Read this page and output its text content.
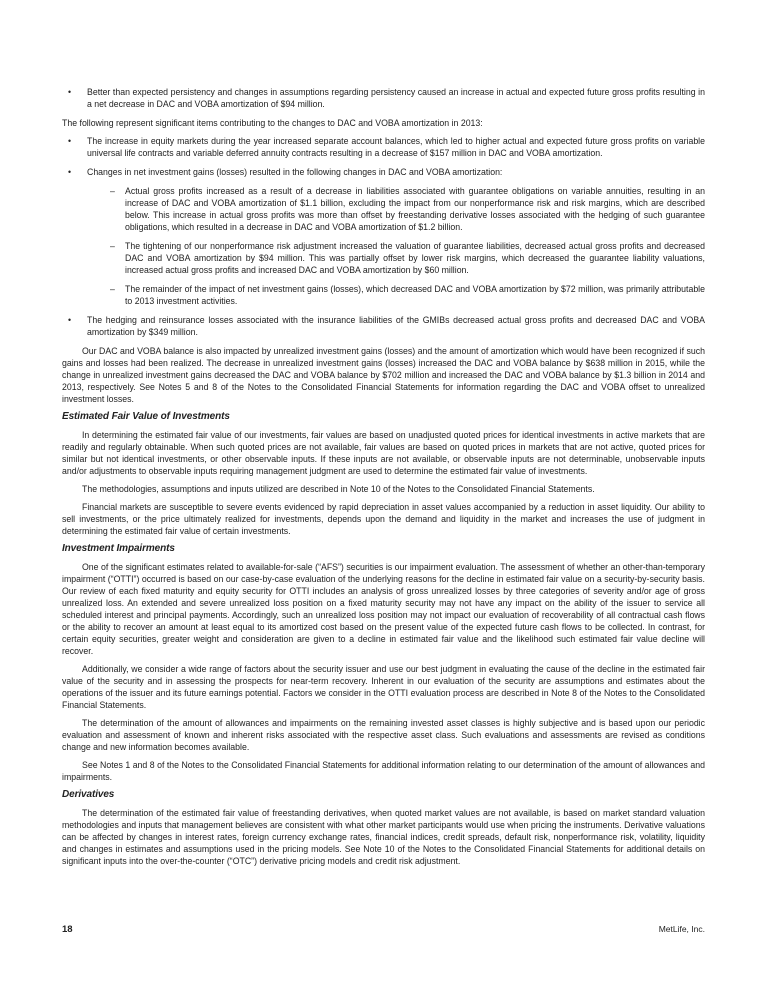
• Better than expected persistency and changes in assumptions regarding persistency caused an increase in actual and expected future gross profits resulting in a net decrease in DAC and VOBA amortization of $94 million.

The following represent significant items contributing to the changes to DAC and VOBA amortization in 2013:

• The increase in equity markets during the year increased separate account balances, which led to higher actual and expected future gross profits on variable universal life contracts and variable deferred annuity contracts resulting in a decrease of $157 million in DAC and VOBA amortization.
• Changes in net investment gains (losses) resulted in the following changes in DAC and VOBA amortization:
– Actual gross profits increased as a result of a decrease in liabilities associated with guarantee obligations on variable annuities, resulting in an increase of DAC and VOBA amortization of $1.1 billion, excluding the impact from our nonperformance risk and risk margins, which are described below. This increase in actual gross profits was more than offset by freestanding derivative losses associated with the hedging of such guarantee obligations, which resulted in a decrease in DAC and VOBA amortization of $1.2 billion.
– The tightening of our nonperformance risk adjustment increased the valuation of guarantee liabilities, decreased actual gross profits and decreased DAC and VOBA amortization by $94 million. This was partially offset by lower risk margins, which decreased the guarantee liability valuations, increased actual gross profits and increased DAC and VOBA amortization by $60 million.
– The remainder of the impact of net investment gains (losses), which decreased DAC and VOBA amortization by $72 million, was primarily attributable to 2013 investment activities.
• The hedging and reinsurance losses associated with the insurance liabilities of the GMIBs decreased actual gross profits and decreased DAC and VOBA amortization by $349 million.

Our DAC and VOBA balance is also impacted by unrealized investment gains (losses) and the amount of amortization which would have been recognized if such gains and losses had been realized. The decrease in unrealized investment gains (losses) increased the DAC and VOBA balance by $638 million in 2015, while the change in unrealized investment gains decreased the DAC and VOBA balance by $702 million and increased the DAC and VOBA balance by $1.3 billion in 2014 and 2013, respectively. See Notes 5 and 8 of the Notes to the Consolidated Financial Statements for information regarding the DAC and VOBA offset to unrealized investment losses.

Estimated Fair Value of Investments

In determining the estimated fair value of our investments, fair values are based on unadjusted quoted prices for identical investments in active markets that are readily and regularly obtainable. When such quoted prices are not available, fair values are based on quoted prices in markets that are not active, quoted prices for similar but not identical investments, or other observable inputs. If these inputs are not available, or observable inputs are not determinable, unobservable inputs and/or adjustments to observable inputs requiring management judgment are used to determine the estimated fair value of investments.

The methodologies, assumptions and inputs utilized are described in Note 10 of the Notes to the Consolidated Financial Statements.

Financial markets are susceptible to severe events evidenced by rapid depreciation in asset values accompanied by a reduction in asset liquidity. Our ability to sell investments, or the price ultimately realized for investments, depends upon the demand and liquidity in the market and increases the use of judgment in determining the estimated fair value of certain investments.

Investment Impairments

One of the significant estimates related to available-for-sale (“AFS”) securities is our impairment evaluation. The assessment of whether an other-than-temporary impairment (“OTTI”) occurred is based on our case-by-case evaluation of the underlying reasons for the decline in estimated fair value on a security-by-security basis. Our review of each fixed maturity and equity security for OTTI includes an analysis of gross unrealized losses by three categories of severity and/or age of gross unrealized loss. An extended and severe unrealized loss position on a fixed maturity security may not have any impact on the ability of the issuer to service all scheduled interest and principal payments. Accordingly, such an unrealized loss position may not impact our evaluation of recoverability of all contractual cash flows or the ability to recover an amount at least equal to its amortized cost based on the present value of the expected future cash flows to be collected. In contrast, for certain equity securities, greater weight and consideration are given to a decline in estimated fair value and the likelihood such estimated fair value decline will recover.

Additionally, we consider a wide range of factors about the security issuer and use our best judgment in evaluating the cause of the decline in the estimated fair value of the security and in assessing the prospects for near-term recovery. Inherent in our evaluation of the security are assumptions and estimates about the operations of the issuer and its future earnings potential. Factors we consider in the OTTI evaluation process are described in Note 8 of the Notes to the Consolidated Financial Statements.

The determination of the amount of allowances and impairments on the remaining invested asset classes is highly subjective and is based upon our periodic evaluation and assessment of known and inherent risks associated with the respective asset class. Such evaluations and assessments are revised as conditions change and new information becomes available.

See Notes 1 and 8 of the Notes to the Consolidated Financial Statements for additional information relating to our determination of the amount of allowances and impairments.

Derivatives

The determination of the estimated fair value of freestanding derivatives, when quoted market values are not available, is based on market standard valuation methodologies and inputs that management believes are consistent with what other market participants would use when pricing the instruments. Derivative valuations can be affected by changes in interest rates, foreign currency exchange rates, financial indices, credit spreads, default risk, nonperformance risk, volatility, liquidity and changes in estimates and assumptions used in the pricing models. See Note 10 of the Notes to the Consolidated Financial Statements for additional details on significant inputs into the over-the-counter (“OTC”) derivative pricing models and credit risk adjustment.

18	MetLife, Inc.
